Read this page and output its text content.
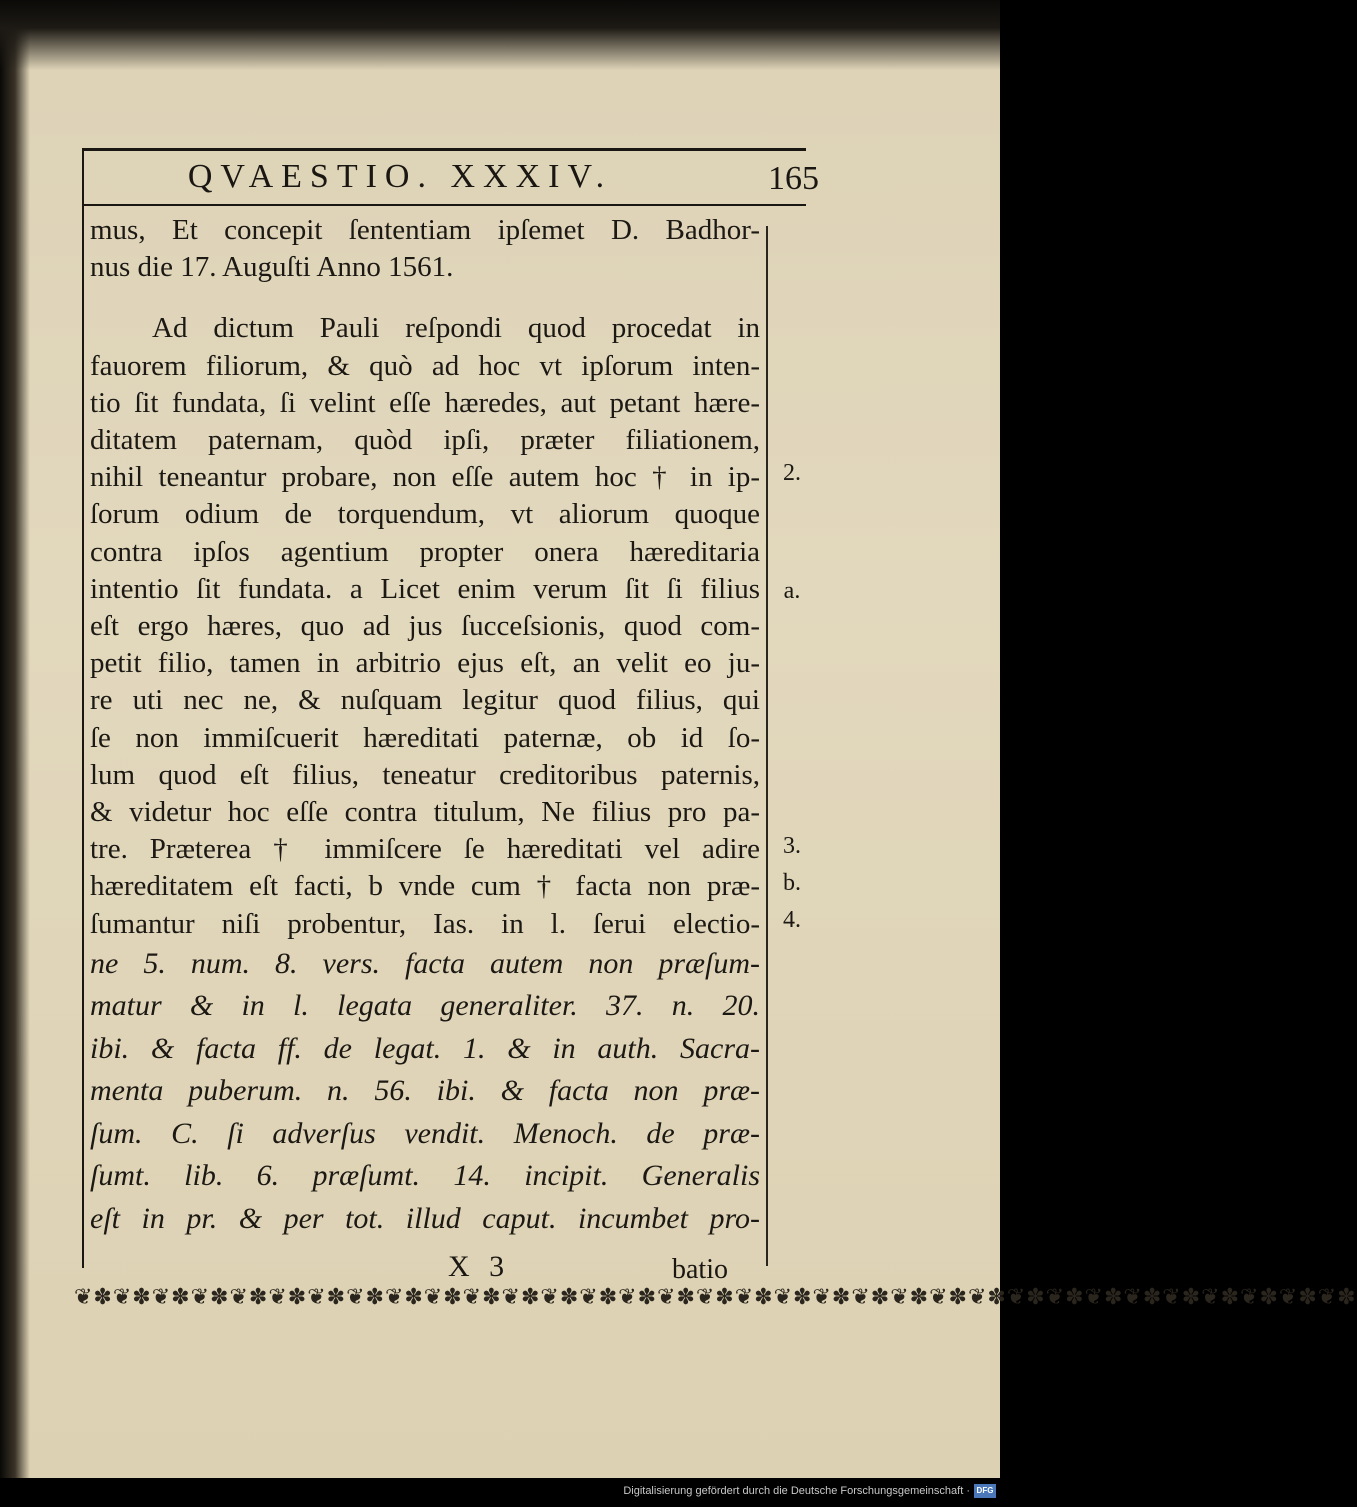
QVAESTIO. XXXIV.	165
mus, Et concepit ſententiam ipſemet D. Badhor-
nus die 17. Auguſti Anno 1561.
Ad dictum Pauli reſpondi quod procedat in
fauorem filiorum, & quò ad hoc vt ipſorum inten-
tio ſit fundata, ſi velint eſſe hæredes, aut petant hære-
ditatem paternam, quòd ipſi, præter filiationem,
nihil teneantur probare, non eſſe autem hoc † in ip-
ſorum odium de torquendum, vt aliorum quoque
contra ipſos agentium propter onera hæreditaria
intentio ſit fundata. a Licet enim verum ſit ſi filius
eſt ergo hæres, quo ad jus ſucceſsionis, quod com-
petit filio, tamen in arbitrio ejus eſt, an velit eo ju-
re uti nec ne, & nuſquam legitur quod filius, qui
ſe non immiſcuerit hæreditati paternæ, ob id ſo-
lum quod eſt filius, teneatur creditoribus paternis,
& videtur hoc eſſe contra titulum, Ne filius pro pa-
tre. Præterea † immiſcere ſe hæreditati vel adire
hæreditatem eſt facti, b vnde cum † facta non præ-
ſumantur niſi probentur, Ias. in l. ſerui electio-
ne 5. num. 8. vers. facta autem non præſum-
matur & in l. legata generaliter. 37. n. 20.
ibi. & facta ff. de legat. 1. & in auth. Sacra-
menta puberum. n. 56. ibi. & facta non præ-
ſum. C. ſi adverſus vendit. Menoch. de præ-
ſumt. lib. 6. præſumt. 14. incipit. Generalis
eſt in pr. & per tot. illud caput. incumbet pro-
2.
a.
3.
b.
4.
X 3	batio
❦✽❦✽❦✽❦✽❦✽❦✽❦✽❦✽❦✽❦✽❦✽❦✽❦✽❦✽❦✽❦✽❦✽❦✽❦✽❦✽❦✽❦✽❦✽❦✽❦✽❦✽❦✽❦✽❦✽❦✽❦✽❦✽❦✽
Digitalisierung gefördert durch die Deutsche Forschungsgemeinschaft · DFG
